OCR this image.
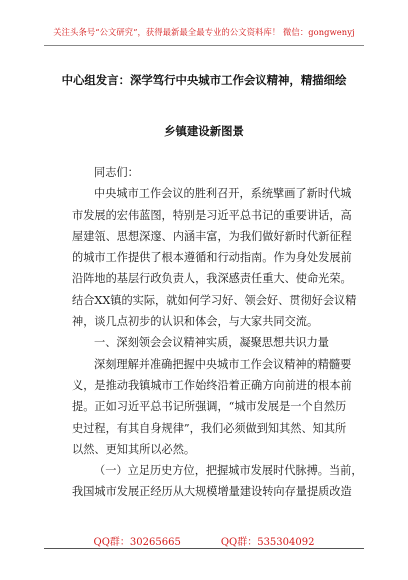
关注头条号“公文研究”，获得最新最全最专业的公文资料库！ 微信：gongwenyj
中心组发言：深学笃行中央城市工作会议精神，精描细绘
乡镇建设新图景
同志们：
中央城市工作会议的胜利召开，系统擘画了新时代城
市发展的宏伟蓝图，特别是习近平总书记的重要讲话，高
屋建瓴、思想深邃、内涵丰富，为我们做好新时代新征程
的城市工作提供了根本遵循和行动指南。作为身处发展前
沿阵地的基层行政负责人，我深感责任重大、使命光荣。
结合XX镇的实际，就如何学习好、领会好、贯彻好会议精
神，谈几点初步的认识和体会，与大家共同交流。
一、深刻领会会议精神实质，凝聚思想共识力量
深刻理解并准确把握中央城市工作会议精神的精髓要
义，是推动我镇城市工作始终沿着正确方向前进的根本前
提。正如习近平总书记所强调，“城市发展是一个自然历
史过程，有其自身规律”，我们必须做到知其然、知其所
以然、更知其所以必然。
（一）立足历史方位，把握城市发展时代脉搏。当前，
我国城市发展正经历从大规模增量建设转向存量提质改造
QQ群：30265665	QQ群：535304092
